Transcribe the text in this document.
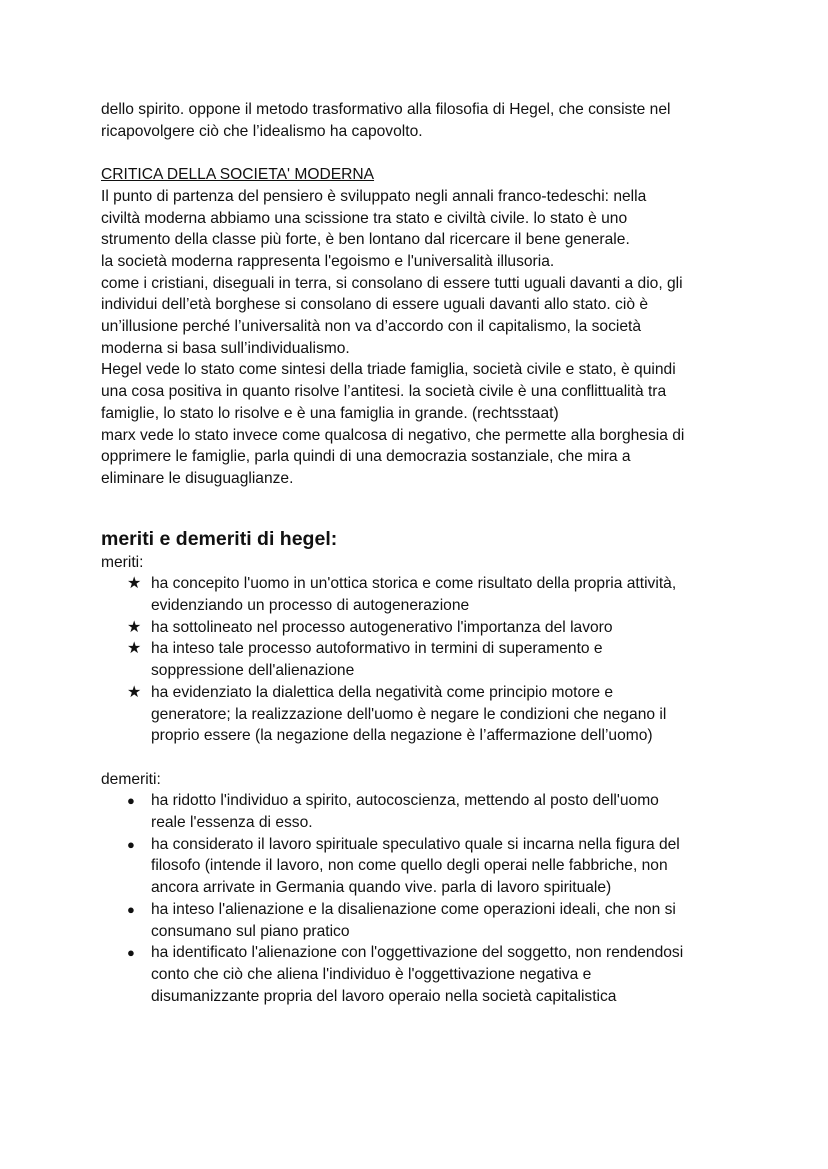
dello spirito. oppone il metodo trasformativo alla filosofia di Hegel, che consiste nel

ricapovolgere ciò che l’idealismo ha capovolto.

CRITICA DELLA SOCIETA' MODERNA

Il punto di partenza del pensiero è sviluppato negli annali franco-tedeschi: nella

civiltà moderna abbiamo una scissione tra stato e civiltà civile. lo stato è uno

strumento della classe più forte, è ben lontano dal ricercare il bene generale.

la società moderna rappresenta l'egoismo e l'universalità illusoria.

come i cristiani, diseguali in terra, si consolano di essere tutti uguali davanti a dio, gli

individui dell’età borghese si consolano di essere uguali davanti allo stato. ciò è

un’illusione perché l’universalità non va d’accordo con il capitalismo, la società

moderna si basa sull’individualismo.

Hegel vede lo stato come sintesi della triade famiglia, società civile e stato, è quindi

una cosa positiva in quanto risolve l’antitesi. la società civile è una conflittualità tra

famiglie, lo stato lo risolve e è una famiglia in grande. (rechtsstaat)

marx vede lo stato invece come qualcosa di negativo, che permette alla borghesia di

opprimere le famiglie, parla quindi di una democrazia sostanziale, che mira a

eliminare le disuguaglianze.

meriti e demeriti di hegel:

meriti:

★ ha concepito l'uomo in un'ottica storica e come risultato della propria attività,
evidenziando un processo di autogenerazione
★ ha sottolineato nel processo autogenerativo l'importanza del lavoro
★ ha inteso tale processo autoformativo in termini di superamento e
soppressione dell'alienazione
★ ha evidenziato la dialettica della negatività come principio motore e
generatore; la realizzazione dell'uomo è negare le condizioni che negano il
proprio essere (la negazione della negazione è l’affermazione dell’uomo)

demeriti:

●	ha ridotto l'individuo a spirito, autocoscienza, mettendo al posto dell'uomo
reale l'essenza di esso.
●	ha considerato il lavoro spirituale speculativo quale si incarna nella figura del
filosofo (intende il lavoro, non come quello degli operai nelle fabbriche, non
ancora arrivate in Germania quando vive. parla di lavoro spirituale)
●	ha inteso l'alienazione e la disalienazione come operazioni ideali, che non si
consumano sul piano pratico
●	ha identificato l'alienazione con l'oggettivazione del soggetto, non rendendosi
conto che ciò che aliena l'individuo è l'oggettivazione negativa e
disumanizzante propria del lavoro operaio nella società capitalistica
